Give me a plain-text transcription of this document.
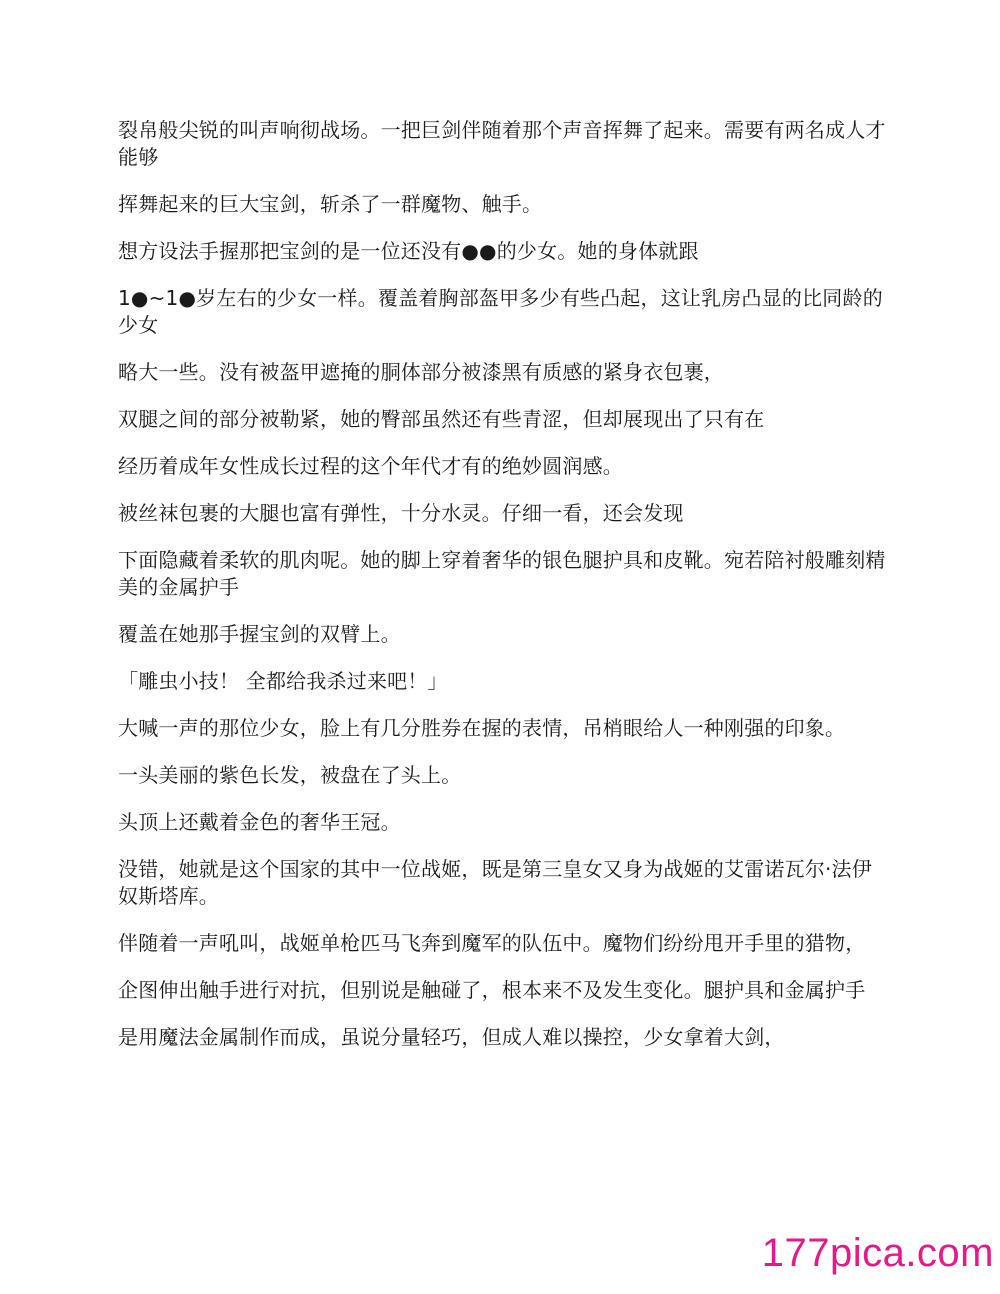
裂帛般尖锐的叫声响彻战场。一把巨剑伴随着那个声音挥舞了起来。需要有两名成人才能够

挥舞起来的巨大宝剑，斩杀了一群魔物、触手。

想方设法手握那把宝剑的是一位还没有●●的少女。她的身体就跟

1●~1●岁左右的少女一样。覆盖着胸部盔甲多少有些凸起，这让乳房凸显的比同龄的少女

略大一些。没有被盔甲遮掩的胴体部分被漆黑有质感的紧身衣包裹，

双腿之间的部分被勒紧，她的臀部虽然还有些青涩，但却展现出了只有在

经历着成年女性成长过程的这个年代才有的绝妙圆润感。

被丝袜包裹的大腿也富有弹性，十分水灵。仔细一看，还会发现

下面隐藏着柔软的肌肉呢。她的脚上穿着奢华的银色腿护具和皮靴。宛若陪衬般雕刻精美的金属护手

覆盖在她那手握宝剑的双臂上。

「雕虫小技！ 全都给我杀过来吧！」

大喊一声的那位少女，脸上有几分胜券在握的表情，吊梢眼给人一种刚强的印象。

一头美丽的紫色长发，被盘在了头上。

头顶上还戴着金色的奢华王冠。

没错，她就是这个国家的其中一位战姬，既是第三皇女又身为战姬的艾雷诺瓦尔·法伊奴斯塔库。

伴随着一声吼叫，战姬单枪匹马飞奔到魔军的队伍中。魔物们纷纷甩开手里的猎物，

企图伸出触手进行对抗，但别说是触碰了，根本来不及发生变化。腿护具和金属护手

是用魔法金属制作而成，虽说分量轻巧，但成人难以操控，少女拿着大剑，

177pica.com
